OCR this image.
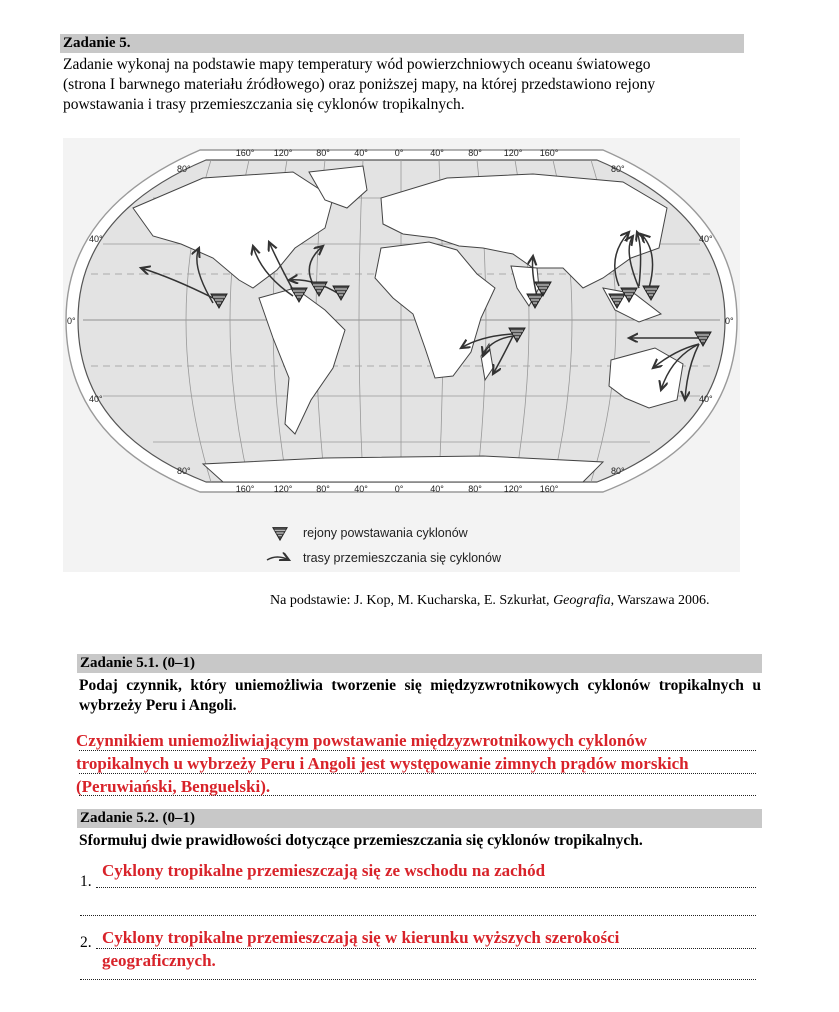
Zadanie 5.
Zadanie wykonaj na podstawie mapy temperatury wód powierzchniowych oceanu światowego
(strona I barwnego materiału źródłowego) oraz poniższej mapy, na której przedstawiono rejony
powstawania i trasy przemieszczania się cyklonów tropikalnych.
160° 120°	80°	40°	0°	40°	80° 120° 160°
160° 120°	80°	40°	0°	40°	80° 120° 160°
80°
40°
0°
40°
80°
80°
40°
0°
40°
80°
rejony powstawania cyklonów
trasy przemieszczania się cyklonów
Na podstawie: J. Kop, M. Kucharska, E. Szkurłat, Geografia, Warszawa 2006.
Zadanie 5.1. (0–1)
Podaj czynnik, który uniemożliwia tworzenie się międzyzwrotnikowych cyklonów tropikalnych u wybrzeży Peru i Angoli.
Czynnikiem uniemożliwiającym powstawanie międzyzwrotnikowych cyklonów
tropikalnych u wybrzeży Peru i Angoli jest występowanie zimnych prądów morskich
(Peruwiański, Benguelski).
Zadanie 5.2. (0–1)
Sformułuj dwie prawidłowości dotyczące przemieszczania się cyklonów tropikalnych.
1.
Cyklony tropikalne przemieszczają się ze wschodu na zachód
2. Cyklony tropikalne przemieszczają się w kierunku wyższych szerokości
geograficznych.
